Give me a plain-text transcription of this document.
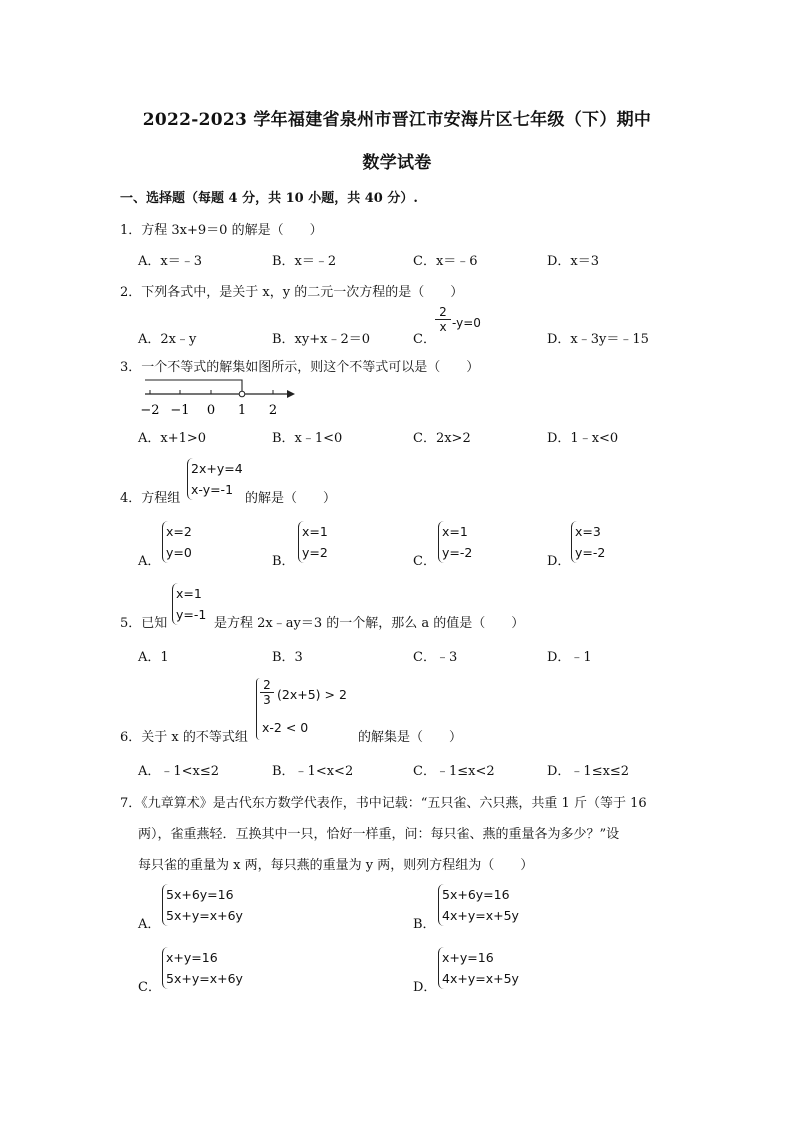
2022-2023 学年福建省泉州市晋江市安海片区七年级（下）期中
数学试卷
一、选择题（每题 4 分，共 10 小题，共 40 分）.
1．方程 3x+9＝0 的解是（　　）
A．x＝﹣3	B．x＝﹣2	C．x＝﹣6	D．x＝3
2．下列各式中，是关于 x，y 的二元一次方程的是（　　）
A．2x﹣y	B．xy+x﹣2＝0	C．
$\frac{2}{x} -y=0$
D．x﹣3y＝﹣15
3．一个不等式的解集如图所示，则这个不等式可以是（　　）
−2 −1 0 1 2
A．x+1>0	B．x﹣1<0	C．2x>2	D．1﹣x<0
4．方程组
2x+y=4
x-y=-1
的解是（　　）
A．
x=2
y=0
B．
x=1
y=2
C．
x=1
y=-2
D．
x=3
y=-2
5．已知
x=1
y=-1
是方程 2x﹣ay＝3 的一个解，那么 a 的值是（　　）
A．1	B．3	C．﹣3	D．﹣1
6．关于 x 的不等式组
$\frac{2}{3} (2x+5) > 2$
x-2 < 0
的解集是（　　）
A．﹣1<x≤2	B．﹣1<x<2	C．﹣1≤x<2	D．﹣1≤x≤2
7．《九章算术》是古代东方数学代表作，书中记载：“五只雀、六只燕，共重 1 斤（等于 16
两），雀重燕轻．互换其中一只，恰好一样重，问：每只雀、燕的重量各为多少？”设
每只雀的重量为 x 两，每只燕的重量为 y 两，则列方程组为（　　）
A．
5x+6y=16
5x+y=x+6y
B．
5x+6y=16
4x+y=x+5y
C．
x+y=16
5x+y=x+6y
D．
x+y=16
4x+y=x+5y
